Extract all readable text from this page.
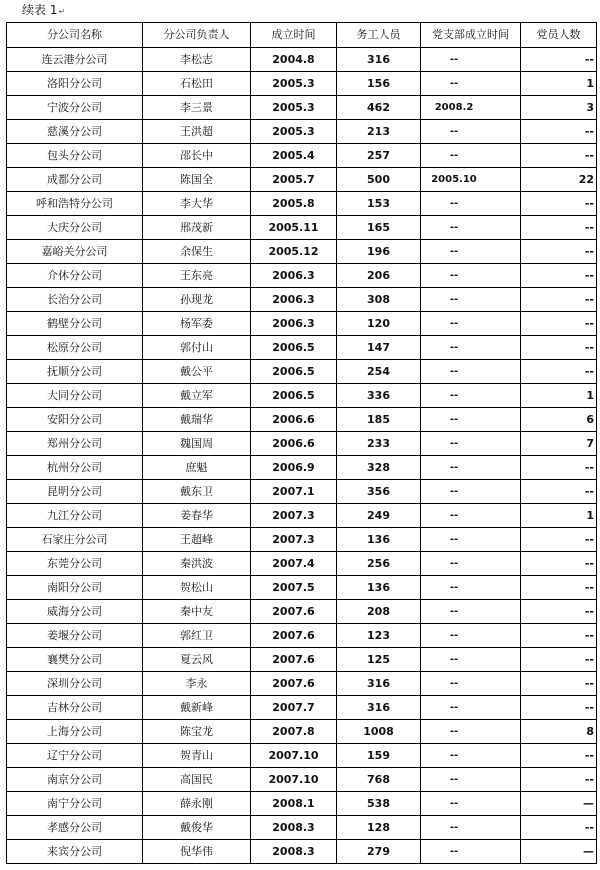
续表 1↵
分公司名称	分公司负责人	成立时间	务工人员	党支部成立时间	党员人数
连云港分公司	李松志	2004.8	316	--	--
洛阳分公司	石松田	2005.3	156	--	1
宁波分公司	李三景	2005.3	462	2008.2	3
慈溪分公司	王洪超	2005.3	213	--	--
包头分公司	邵长中	2005.4	257	--	--
成都分公司	陈国全	2005.7	500	2005.10	22
呼和浩特分公司	李大华	2005.8	153	--	--
大庆分公司	邢茂新	2005.11	165	--	--
嘉峪关分公司	余保生	2005.12	196	--	--
介休分公司	王东亮	2006.3	206	--	--
长治分公司	孙现龙	2006.3	308	--	--
鹤壁分公司	杨军委	2006.3	120	--	--
松原分公司	郭付山	2006.5	147	--	--
抚顺分公司	戴公平	2006.5	254	--	--
大同分公司	戴立军	2006.5	336	--	1
安阳分公司	戴瑞华	2006.6	185	--	6
郑州分公司	魏国周	2006.6	233	--	7
杭州分公司	庶魁	2006.9	328	--	--
昆明分公司	戴东卫	2007.1	356	--	--
九江分公司	姜春华	2007.3	249	--	1
石家庄分公司	王超峰	2007.3	136	--	--
东莞分公司	秦洪波	2007.4	256	--	--
南阳分公司	贺松山	2007.5	136	--	--
威海分公司	秦中友	2007.6	208	--	--
姜堰分公司	郭红卫	2007.6	123	--	--
襄樊分公司	夏云风	2007.6	125	--	--
深圳分公司	李永	2007.6	316	--	--
吉林分公司	戴新峰	2007.7	316	--	--
上海分公司	陈宝龙	2007.8	1008	--	8
辽宁分公司	贺青山	2007.10	159	--	--
南京分公司	高国民	2007.10	768	--	--
南宁分公司	薛永刚	2008.1	538	--	—
孝感分公司	戴俊华	2008.3	128	--	--
来宾分公司	倪华伟	2008.3	279	--	—
